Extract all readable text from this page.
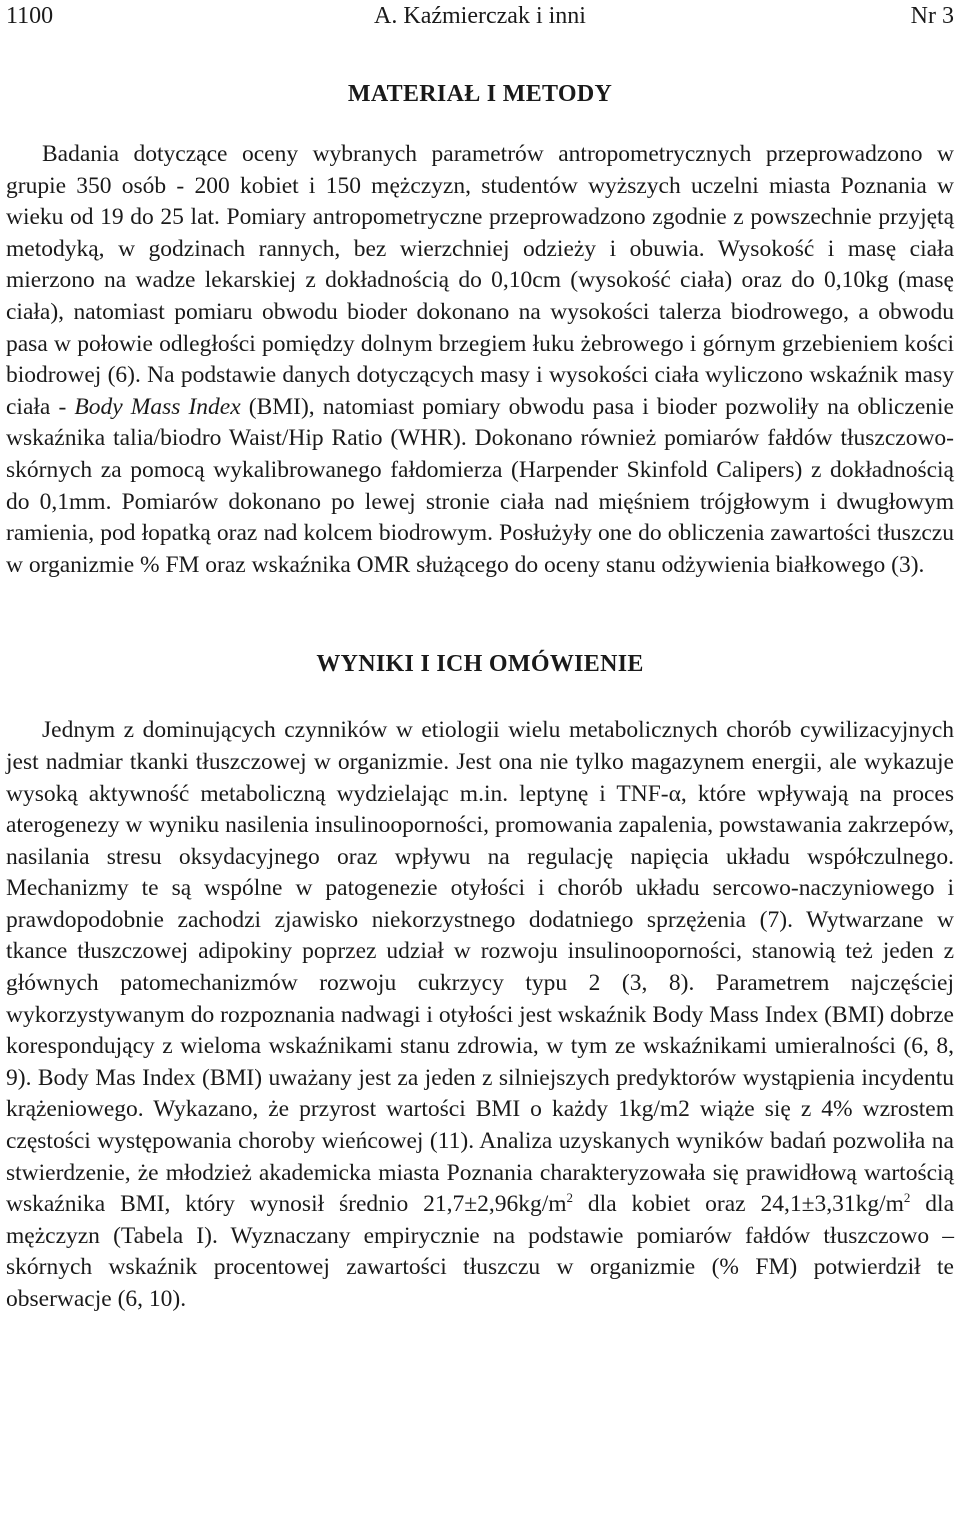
1100	A. Kaźmierczak i inni	Nr 3
MATERIAŁ I METODY

Badania dotyczące oceny wybranych parametrów antropometrycznych przeprowadzono w grupie 350 osób - 200 kobiet i 150 mężczyzn, studentów wyższych uczelni miasta Poznania w wieku od 19 do 25 lat. Pomiary antropometryczne przeprowadzono zgodnie z powszechnie przyjętą metodyką, w godzinach rannych, bez wierzchniej odzieży i obuwia. Wysokość i masę ciała mierzono na wadze lekarskiej z dokładnością do 0,10cm (wysokość ciała) oraz do 0,10kg (masę ciała), natomiast pomiaru obwodu bioder dokonano na wysokości talerza biodrowego, a obwodu pasa w połowie odległości pomiędzy dolnym brzegiem łuku żebrowego i górnym grzebieniem kości biodrowej (6). Na podstawie danych dotyczących masy i wysokości ciała wyliczono wskaźnik masy ciała - Body Mass Index (BMI), natomiast pomiary obwodu pasa i bioder pozwoliły na obliczenie wskaźnika talia/biodro Waist/Hip Ratio (WHR). Dokonano również pomiarów fałdów tłuszczowo-skórnych za pomocą wykalibrowanego fałdomierza (Harpender Skinfold Calipers) z dokładnością do 0,1mm. Pomiarów dokonano po lewej stronie ciała nad mięśniem trójgłowym i dwugłowym ramienia, pod łopatką oraz nad kolcem biodrowym. Posłużyły one do obliczenia zawartości tłuszczu w organizmie % FM oraz wskaźnika OMR służącego do oceny stanu odżywienia białkowego (3).

WYNIKI I ICH OMÓWIENIE

Jednym z dominujących czynników w etiologii wielu metabolicznych chorób cywilizacyjnych jest nadmiar tkanki tłuszczowej w organizmie. Jest ona nie tylko magazynem energii, ale wykazuje wysoką aktywność metaboliczną wydzielając m.in. leptynę i TNF-α, które wpływają na proces aterogenezy w wyniku nasilenia insulinooporności, promowania zapalenia, powstawania zakrzepów, nasilania stresu oksydacyjnego oraz wpływu na regulację napięcia układu współczulnego. Mechanizmy te są wspólne w patogenezie otyłości i chorób układu sercowo-naczyniowego i prawdopodobnie zachodzi zjawisko niekorzystnego dodatniego sprzężenia (7). Wytwarzane w tkance tłuszczowej adipokiny poprzez udział w rozwoju insulinooporności, stanowią też jeden z głównych patomechanizmów rozwoju cukrzycy typu 2 (3, 8). Parametrem najczęściej wykorzystywanym do rozpoznania nadwagi i otyłości jest wskaźnik Body Mass Index (BMI) dobrze korespondujący z wieloma wskaźnikami stanu zdrowia, w tym ze wskaźnikami umieralności (6, 8, 9). Body Mas Index (BMI) uważany jest za jeden z silniejszych predyktorów wystąpienia incydentu krążeniowego. Wykazano, że przyrost wartości BMI o każdy 1kg/m2 wiąże się z 4% wzrostem częstości występowania choroby wieńcowej (11). Analiza uzyskanych wyników badań pozwoliła na stwierdzenie, że młodzież akademicka miasta Poznania charakteryzowała się prawidłową wartością wskaźnika BMI, który wynosił średnio $21,7\pm 2,96kg/m^2$ dla kobiet oraz $24,1\pm 3,31kg/m^2$ dla mężczyzn (Tabela I). Wyznaczany empirycznie na podstawie pomiarów fałdów tłuszczowo – skórnych wskaźnik procentowej zawartości tłuszczu w organizmie (% FM) potwierdził te obserwacje (6, 10).
